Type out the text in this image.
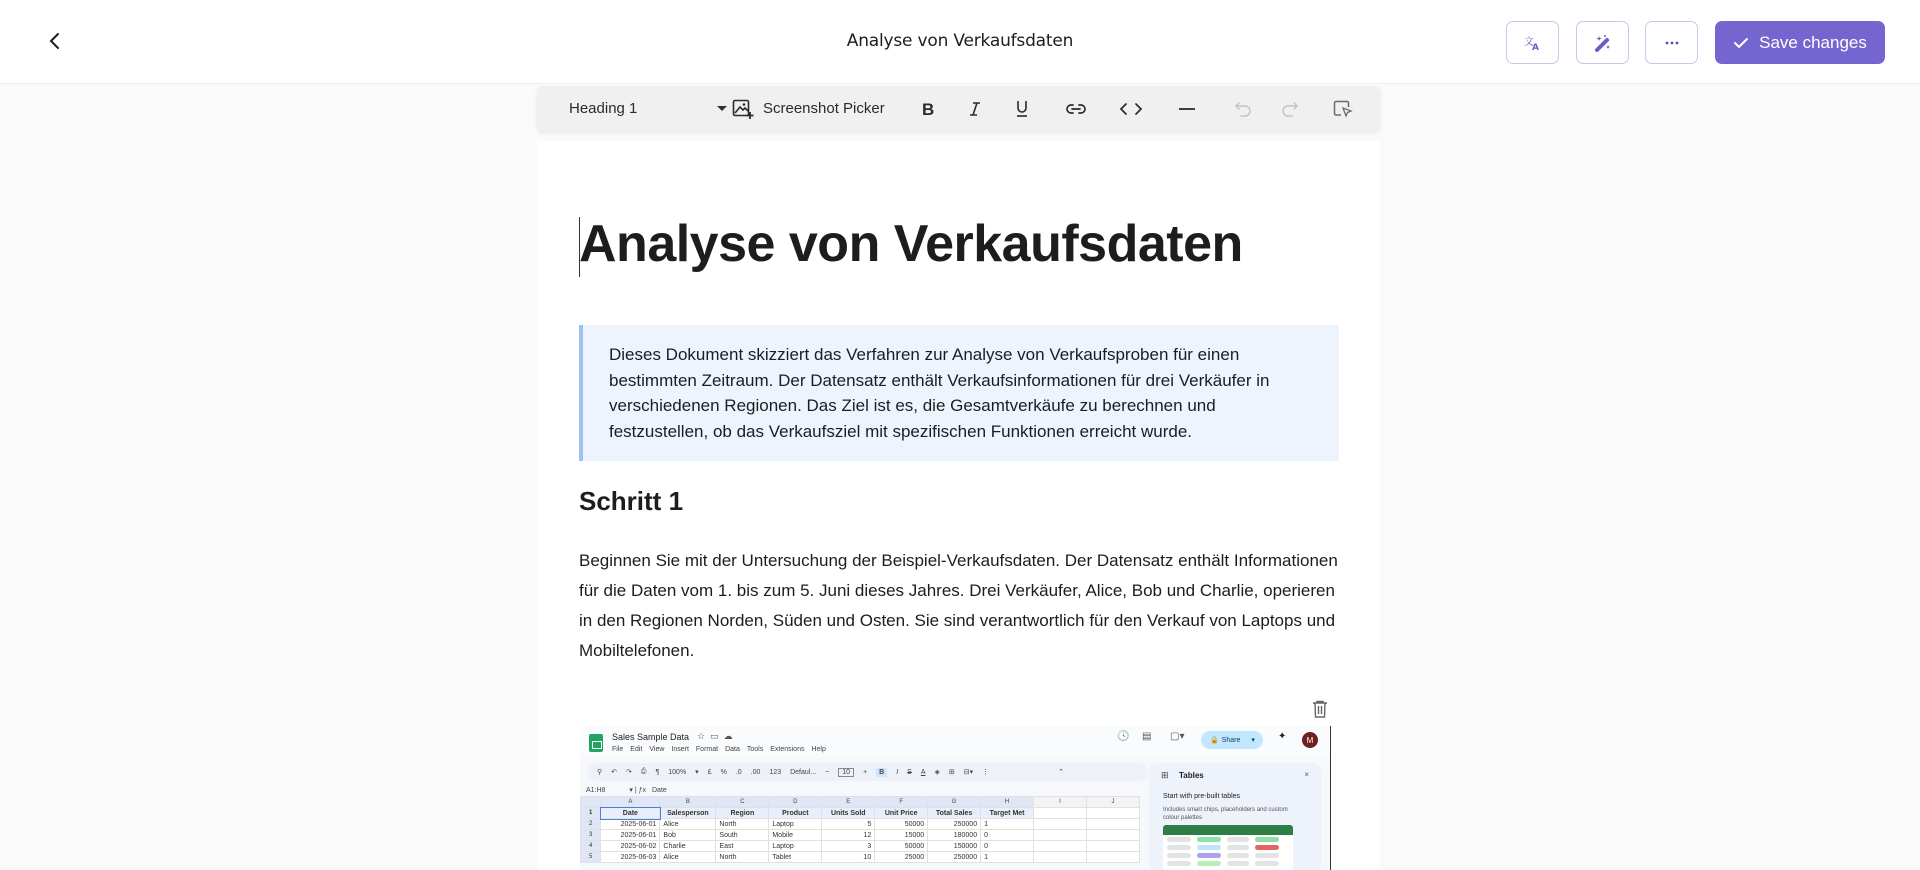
Analyse von Verkaufsdaten	文
A	Save changes
Heading 1	Screenshot Picker B
Analyse von Verkaufsdaten
Dieses Dokument skizziert das Verfahren zur Analyse von Verkaufsproben für einen bestimmten Zeitraum. Der Datensatz enthält Verkaufsinformationen für drei Verkäufer in verschiedenen Regionen. Das Ziel ist es, die Gesamtverkäufe zu berechnen und festzustellen, ob das Verkaufsziel mit spezifischen Funktionen erreicht wurde.
Schritt 1
Beginnen Sie mit der Untersuchung der Beispiel-Verkaufsdaten. Der Datensatz enthält Informationen für die Daten vom 1. bis zum 5. Juni dieses Jahres. Drei Verkäufer, Alice, Bob und Charlie, operieren in den Regionen Norden, Süden und Osten. Sie sind verantwortlich für den Verkauf von Laptops und Mobiltelefonen.
Sales Sample Data ☆▭☁
File Edit View Insert Format Data Tools Extensions Help
🕓 ▤ ▢▾	🔒 Share ▾ ✦	M
⚲ ↶ ↷ ⎙ ¶ 100% ▾ £ % .0 .00 123 Defaul... −	10	+	B	I S A ◈ ⊞ ⊟▾ ⋮	⌃
A1:H8	▾ | ƒx Date
	A	B	C	D	E	F	G	H	I	J
1	Date	Salesperson	Region	Product	Units Sold	Unit Price	Total Sales	Target Met		
2	2025-06-01	Alice	North	Laptop	5	50000	250000	1		
3	2025-06-01	Bob	South	Mobile	12	15000	180000	0		
4	2025-06-02	Charlie	East	Laptop	3	50000	150000	0		
5	2025-06-03	Alice	North	Tablet	10	25000	250000	1		
⊞ Tables	×
Start with pre-built tables
Includes smart chips, placeholders and custom colour palettes
